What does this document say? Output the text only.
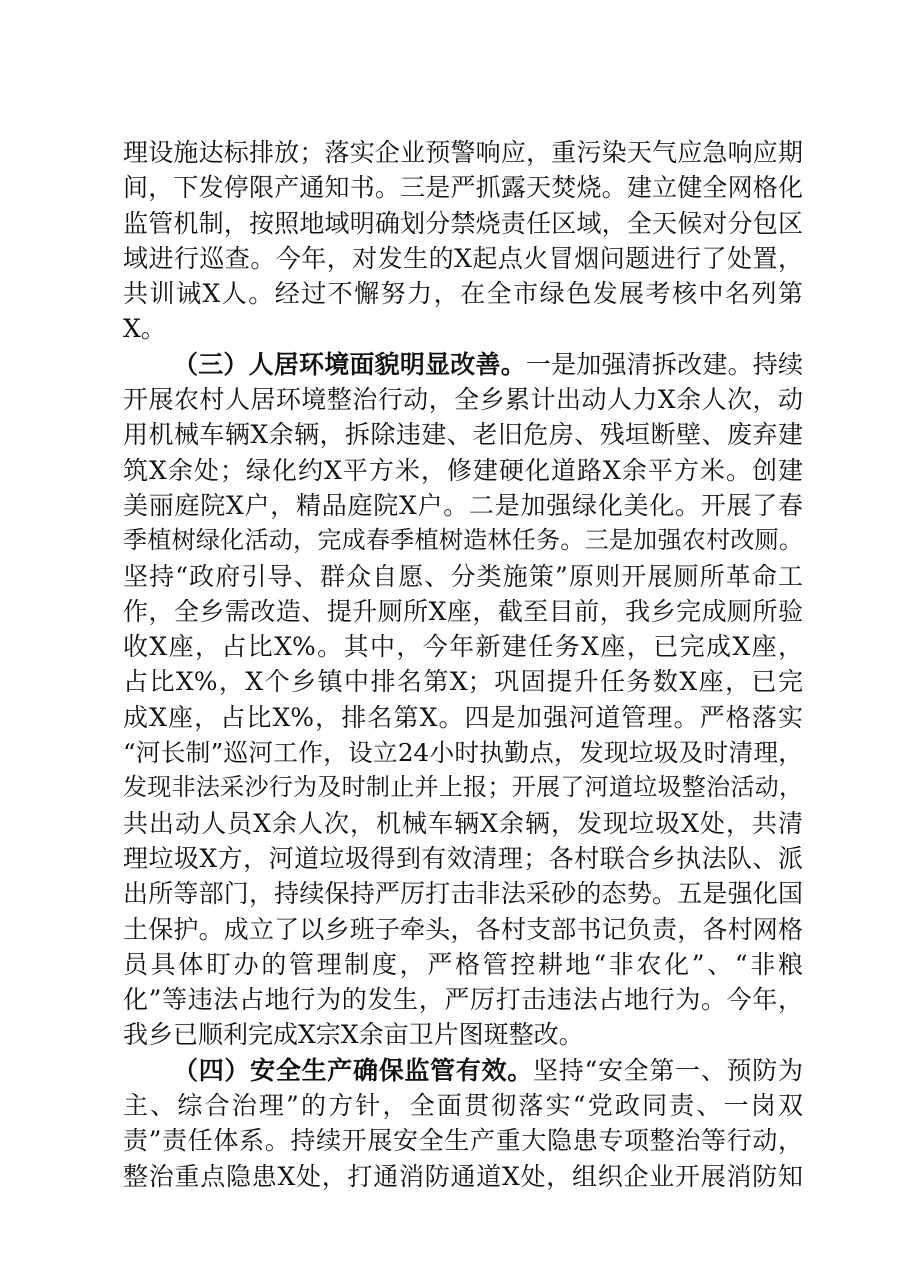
理设施达标排放；落实企业预警响应，重污染天气应急响应期
间，下发停限产通知书。三是严抓露天焚烧。建立健全网格化
监管机制，按照地域明确划分禁烧责任区域，全天候对分包区
域进行巡查。今年，对发生的X起点火冒烟问题进行了处置，
共训诫X人。经过不懈努力，在全市绿色发展考核中名列第
X。
（三）人居环境面貌明显改善。一是加强清拆改建。持续
开展农村人居环境整治行动，全乡累计出动人力X余人次，动
用机械车辆X余辆，拆除违建、老旧危房、残垣断壁、废弃建
筑X余处；绿化约X平方米，修建硬化道路X余平方米。创建
美丽庭院X户，精品庭院X户。二是加强绿化美化。开展了春
季植树绿化活动，完成春季植树造林任务。三是加强农村改厕。
坚持“政府引导、群众自愿、分类施策”原则开展厕所革命工
作，全乡需改造、提升厕所X座，截至目前，我乡完成厕所验
收X座，占比X%。其中，今年新建任务X座，已完成X座，
占比X%，X个乡镇中排名第X；巩固提升任务数X座，已完
成X座，占比X%，排名第X。四是加强河道管理。严格落实
“河长制”巡河工作，设立24小时执勤点，发现垃圾及时清理，
发现非法采沙行为及时制止并上报；开展了河道垃圾整治活动，
共出动人员X余人次，机械车辆X余辆，发现垃圾X处，共清
理垃圾X方，河道垃圾得到有效清理；各村联合乡执法队、派
出所等部门，持续保持严厉打击非法采砂的态势。五是强化国
土保护。成立了以乡班子牵头，各村支部书记负责，各村网格
员具体盯办的管理制度，严格管控耕地“非农化”、“非粮
化”等违法占地行为的发生，严厉打击违法占地行为。今年，
我乡已顺利完成X宗X余亩卫片图斑整改。
（四）安全生产确保监管有效。坚持“安全第一、预防为
主、综合治理”的方针，全面贯彻落实“党政同责、一岗双
责”责任体系。持续开展安全生产重大隐患专项整治等行动，
整治重点隐患X处，打通消防通道X处，组织企业开展消防知
